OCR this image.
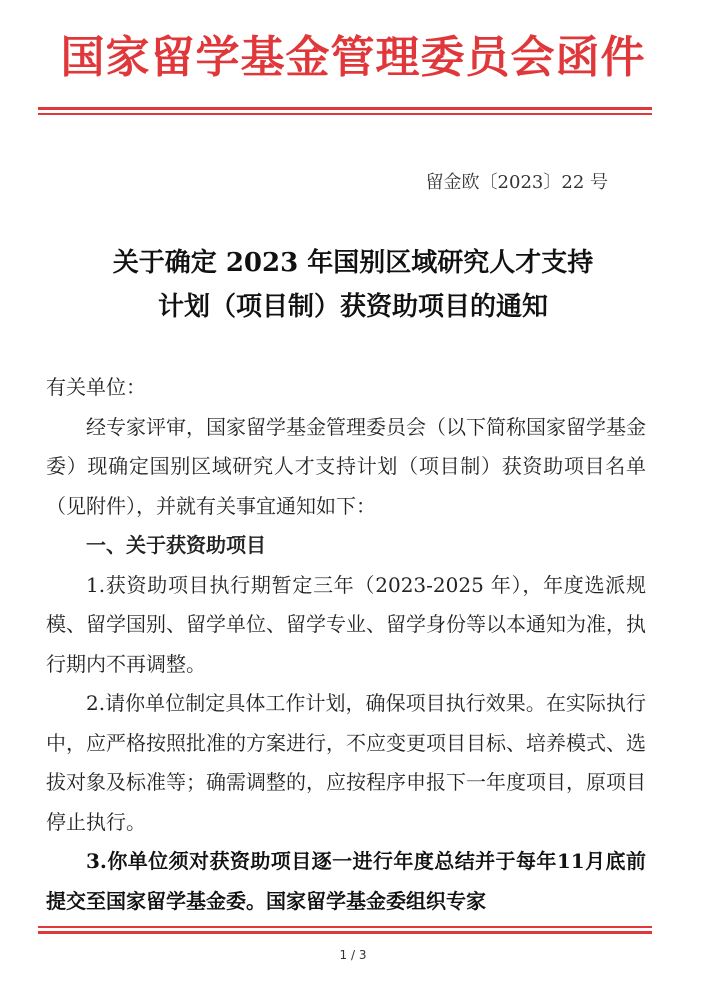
国家留学基金管理委员会函件
留金欧〔2023〕22 号
关于确定 2023 年国别区域研究人才支持
计划（项目制）获资助项目的通知

有关单位：

经专家评审，国家留学基金管理委员会（以下简称国家留学基金委）现确定国别区域研究人才支持计划（项目制）获资助项目名单（见附件），并就有关事宜通知如下：

一、关于获资助项目

1.获资助项目执行期暂定三年（2023-2025 年），年度选派规模、留学国别、留学单位、留学专业、留学身份等以本通知为准，执行期内不再调整。

2.请你单位制定具体工作计划，确保项目执行效果。在实际执行中，应严格按照批准的方案进行，不应变更项目目标、培养模式、选拔对象及标准等；确需调整的，应按程序申报下一年度项目，原项目停止执行。

3.你单位须对获资助项目逐一进行年度总结并于每年11月底前提交至国家留学基金委。国家留学基金委组织专家

1 / 3
